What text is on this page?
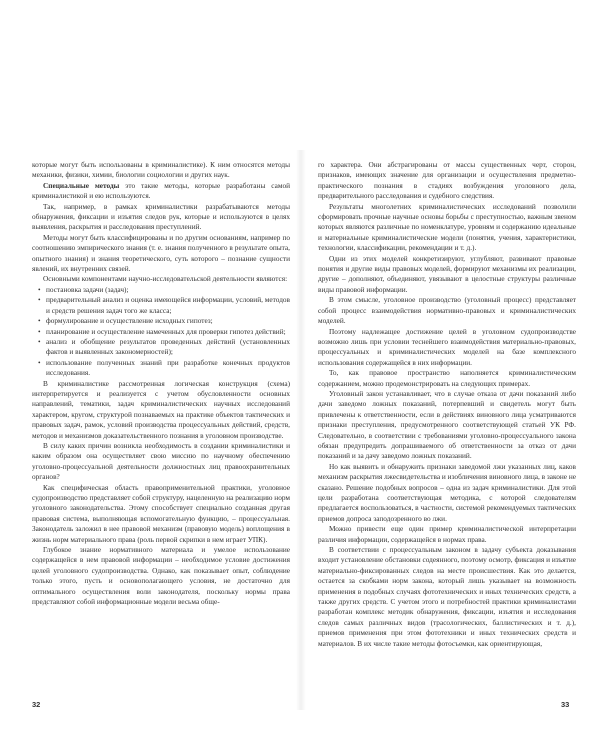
которые могут быть использованы в криминалистике). К ним относятся методы механики, физики, химии, биологии социологии и других наук.

Специальные методы это такие методы, которые разработаны самой криминалистикой и ею используются.

Так, например, в рамках криминалистики разрабатываются методы обнаружения, фиксации и изъятия следов рук, которые и используются в целях выявления, раскрытия и расследования преступлений.

Методы могут быть классифицированы и по другим основаниям, например по соотношению эмпирического знания (т. е. знания полученного в результате опыта, опытного знания) и знания теоретического, суть которого – познание сущности явлений, их внутренних связей.

Основными компонентами научно-исследовательской деятельности являются:

• постановка задачи (задач);
• предварительный анализ и оценка имеющейся информации, условий, методов и средств решения задач того же класса;
• формулирование и осуществление исходных гипотез;
• планирование и осуществление намеченных для проверки гипотез действий;
• анализ и обобщение результатов проведенных действий (установленных фактов и выявленных закономерностей);
• использование полученных знаний при разработке конечных продуктов исследования.

В криминалистике рассмотренная логическая конструкция (схема) интерпретируется и реализуется с учетом обусловленности основных направлений, тематики, задач криминалистических научных исследований характером, кругом, структурой познаваемых на практике объектов тактических и правовых задач, рамок, условий производства процессуальных действий, средств, методов и механизмов доказательственного познания в уголовном производстве.

В силу каких причин возникла необходимость в создании криминалистики и каким образом она осуществляет свою миссию по научному обеспечению уголовно-процессуальной деятельности должностных лиц правоохранительных органов?

Как специфическая область правоприменительной практики, уголовное судопроизводство представляет собой структуру, нацеленную на реализацию норм уголовного законодательства. Этому способствует специально созданная другая правовая система, выполняющая вспомогательную функцию, – процессуальная. Законодатель заложил в нее правовой механизм (правовую модель) воплощения в жизнь норм материального права (роль первой скрипки в нем играет УПК).

Глубокое знание нормативного материала и умелое использование содержащейся в нем правовой информации – необходимое условие достижения целей уголовного судопроизводства. Однако, как показывает опыт, соблюдение только этого, пусть и основополагающего условия, не достаточно для оптимального осуществления воли законодателя, поскольку нормы права представляют собой информационные модели весьма обще-

го характера. Они абстрагированы от массы существенных черт, сторон, признаков, имеющих значение для организации и осуществления предметно-практического познания в стадиях возбуждения уголовного дела, предварительного расследования и судебного следствия.

Результаты многолетних криминалистических исследований позволили сформировать прочные научные основы борьбы с преступностью, важным звеном которых являются различные по номенклатуре, уровням и содержанию идеальные и материальные криминалистические модели (понятия, учения, характеристики, технологии, классификации, рекомендации и т. д.).

Одни из этих моделей конкретизируют, углубляют, развивают правовые понятия и другие виды правовых моделей, формируют механизмы их реализации, другие – дополняют, объединяют, увязывают в целостные структуры различные виды правовой информации.

В этом смысле, уголовное производство (уголовный процесс) представляет собой процесс взаимодействия нормативно-правовых и криминалистических моделей.

Поэтому надлежащее достижение целей в уголовном судопроизводстве возможно лишь при условии теснейшего взаимодействия материально-правовых, процессуальных и криминалистических моделей на базе комплексного использования содержащейся в них информации.

То, как правовое пространство наполняется криминалистическим содержанием, можно продемонстрировать на следующих примерах.

Уголовный закон устанавливает, что в случае отказа от дачи показаний либо дачи заведомо ложных показаний, потерпевший и свидетель могут быть привлечены к ответственности, если в действиях виновного лица усматриваются признаки преступления, предусмотренного соответствующей статьей УК РФ. Следовательно, в соответствии с требованиями уголовно-процессуального закона обязан предупредить допрашиваемого об ответственности за отказ от дачи показаний и за дачу заведомо ложных показаний.

Но как выявить и обнаружить признаки заведомой лжи указанных лиц, каков механизм раскрытия лжесвидетельства и изобличения виновного лица, в законе не сказано. Решение подобных вопросов – одна из задач криминалистики. Для этой цели разработана соответствующая методика, с которой следователям предлагается воспользоваться, в частности, системой рекомендуемых тактических приемов допроса заподозренного во лжи.

Можно привести еще один пример криминалистической интерпретации различия информации, содержащейся в нормах права.

В соответствии с процессуальным законом в задачу субъекта доказывания входит установление обстановки содеянного, поэтому осмотр, фиксация и изъятие материально-фиксированных следов на месте происшествия. Как это делается, остается за скобками норм закона, который лишь указывает на возможность применения в подобных случаях фототехнических и иных технических средств, а также других средств. С учетом этого и потребностей практики криминалистами разработан комплекс методик обнаружения, фиксации, изъятия и исследования следов самых различных видов (трасологических, баллистических и т. д.), приемов применения при этом фототехники и иных технических средств и материалов. В их числе такие методы фотосъемки, как ориентирующая,

32	33
